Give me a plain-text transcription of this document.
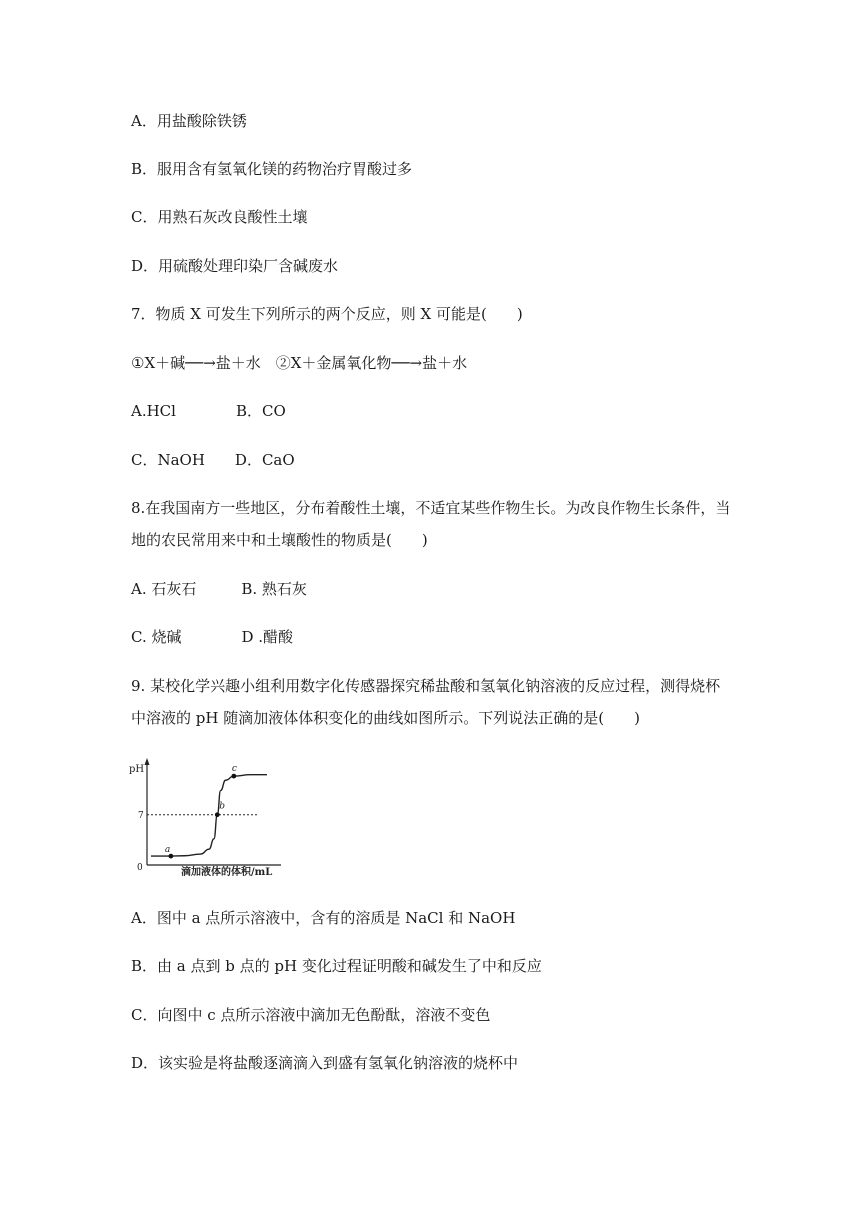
A．用盐酸除铁锈
B．服用含有氢氧化镁的药物治疗胃酸过多
C．用熟石灰改良酸性土壤
D．用硫酸处理印染厂含碱废水
7．物质 X 可发生下列所示的两个反应，则 X 可能是(　　)
①X＋碱──→盐＋水　②X＋金属氧化物──→盐＋水
A.HCl　　　　B．CO
C．NaOH　　D．CaO
8.在我国南方一些地区，分布着酸性土壤，不适宜某些作物生长。为改良作物生长条件，当
地的农民常用来中和土壤酸性的物质是(　　)
A. 石灰石　　　B. 熟石灰
C. 烧碱　　　　D .醋酸
9. 某校化学兴趣小组利用数字化传感器探究稀盐酸和氢氧化钠溶液的反应过程，测得烧杯
中溶液的 pH 随滴加液体体积变化的曲线如图所示。下列说法正确的是(　　)
pH
0	滴加液体的体积/mL
7
a
b
c
A．图中 a 点所示溶液中，含有的溶质是 NaCl 和 NaOH
B．由 a 点到 b 点的 pH 变化过程证明酸和碱发生了中和反应
C．向图中 c 点所示溶液中滴加无色酚酞，溶液不变色
D．该实验是将盐酸逐滴滴入到盛有氢氧化钠溶液的烧杯中
